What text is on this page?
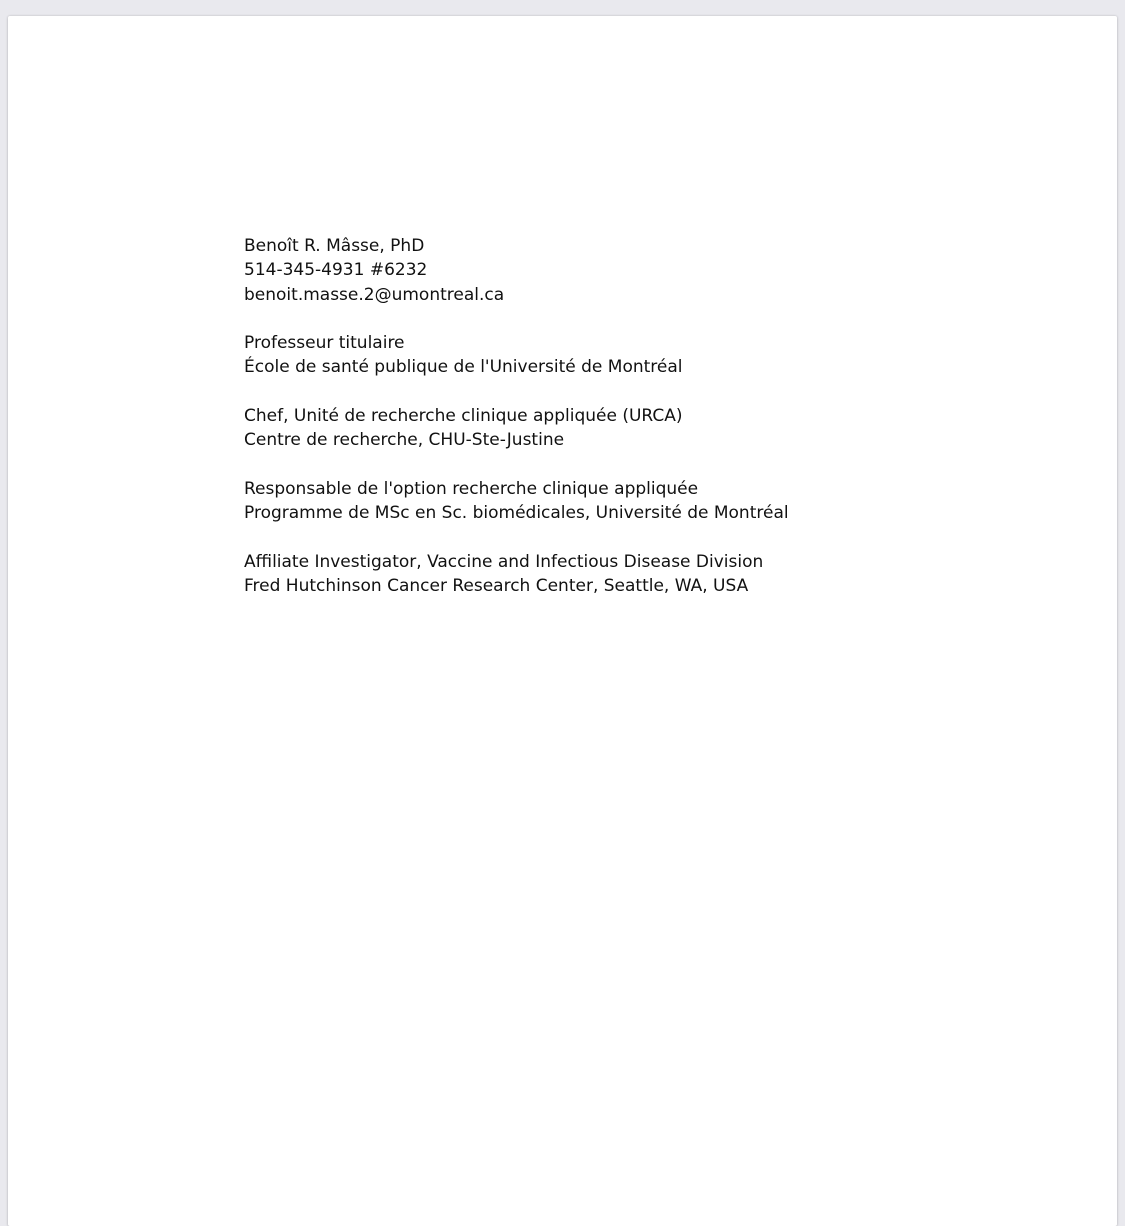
Benoît R. Mâsse, PhD
514-345-4931 #6232
benoit.masse.2@umontreal.ca
Professeur titulaire
École de santé publique de l'Université de Montréal
Chef, Unité de recherche clinique appliquée (URCA)
Centre de recherche, CHU-Ste-Justine
Responsable de l'option recherche clinique appliquée
Programme de MSc en Sc. biomédicales, Université de Montréal
Affiliate Investigator, Vaccine and Infectious Disease Division
Fred Hutchinson Cancer Research Center, Seattle, WA, USA
